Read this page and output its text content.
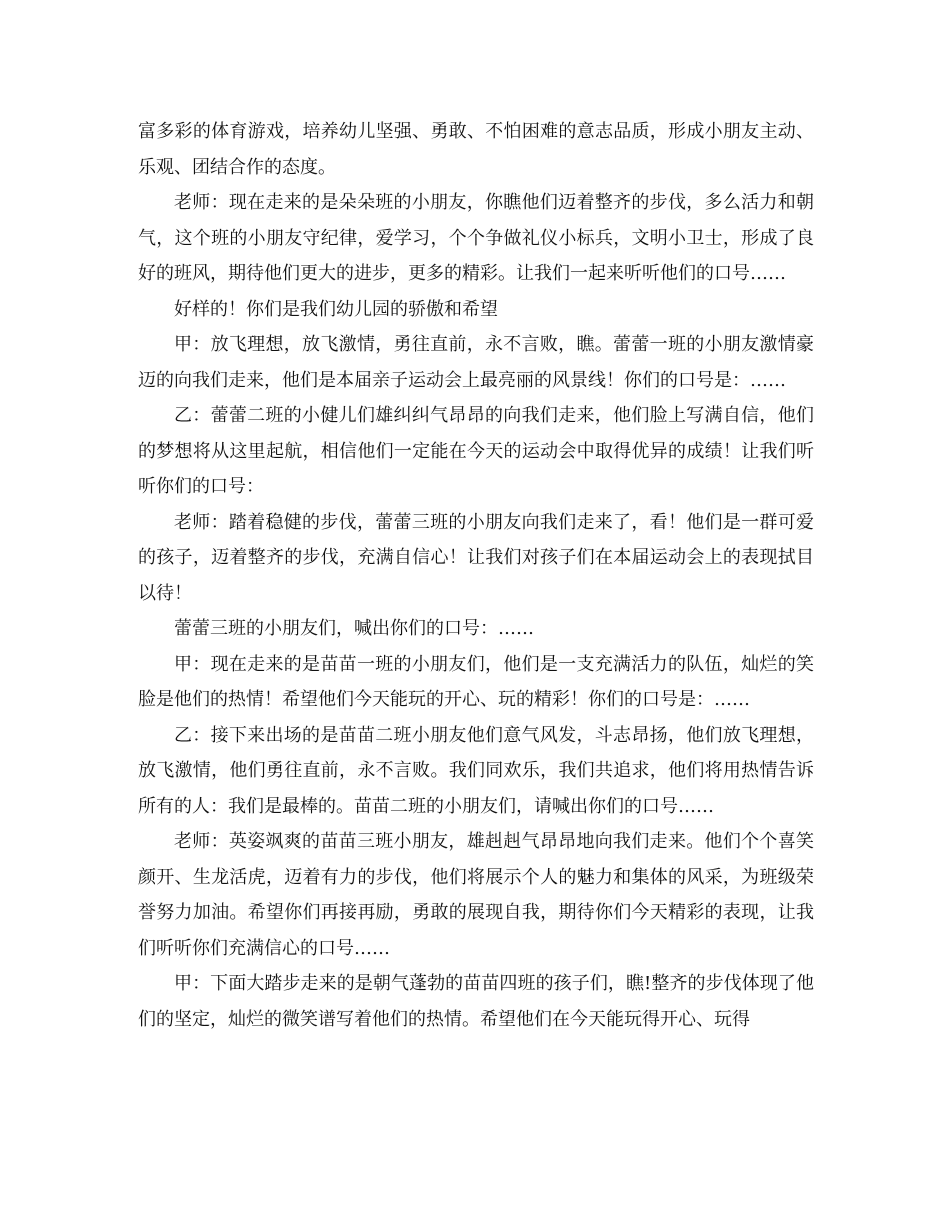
富多彩的体育游戏，培养幼儿坚强、勇敢、不怕困难的意志品质，形成小朋友主动、乐观、团结合作的态度。

老师：现在走来的是朵朵班的小朋友，你瞧他们迈着整齐的步伐，多么活力和朝气，这个班的小朋友守纪律，爱学习，个个争做礼仪小标兵，文明小卫士，形成了良好的班风，期待他们更大的进步，更多的精彩。让我们一起来听听他们的口号……

好样的！你们是我们幼儿园的骄傲和希望

甲：放飞理想，放飞激情，勇往直前，永不言败，瞧。蕾蕾一班的小朋友激情豪迈的向我们走来，他们是本届亲子运动会上最亮丽的风景线！你们的口号是：……

乙：蕾蕾二班的小健儿们雄纠纠气昂昂的向我们走来，他们脸上写满自信，他们的梦想将从这里起航，相信他们一定能在今天的运动会中取得优异的成绩！让我们听听你们的口号：

老师：踏着稳健的步伐，蕾蕾三班的小朋友向我们走来了，看！他们是一群可爱的孩子，迈着整齐的步伐，充满自信心！让我们对孩子们在本届运动会上的表现拭目以待！

蕾蕾三班的小朋友们，喊出你们的口号：……

甲：现在走来的是苗苗一班的小朋友们，他们是一支充满活力的队伍，灿烂的笑脸是他们的热情！希望他们今天能玩的开心、玩的精彩！你们的口号是：……

乙：接下来出场的是苗苗二班小朋友他们意气风发，斗志昂扬，他们放飞理想，放飞激情，他们勇往直前，永不言败。我们同欢乐，我们共追求，他们将用热情告诉所有的人：我们是最棒的。苗苗二班的小朋友们，请喊出你们的口号……

老师：英姿飒爽的苗苗三班小朋友，雄赳赳气昂昂地向我们走来。他们个个喜笑颜开、生龙活虎，迈着有力的步伐，他们将展示个人的魅力和集体的风采，为班级荣誉努力加油。希望你们再接再励，勇敢的展现自我，期待你们今天精彩的表现，让我们听听你们充满信心的口号……

甲：下面大踏步走来的是朝气蓬勃的苗苗四班的孩子们，瞧!整齐的步伐体现了他们的坚定，灿烂的微笑谱写着他们的热情。希望他们在今天能玩得开心、玩得
